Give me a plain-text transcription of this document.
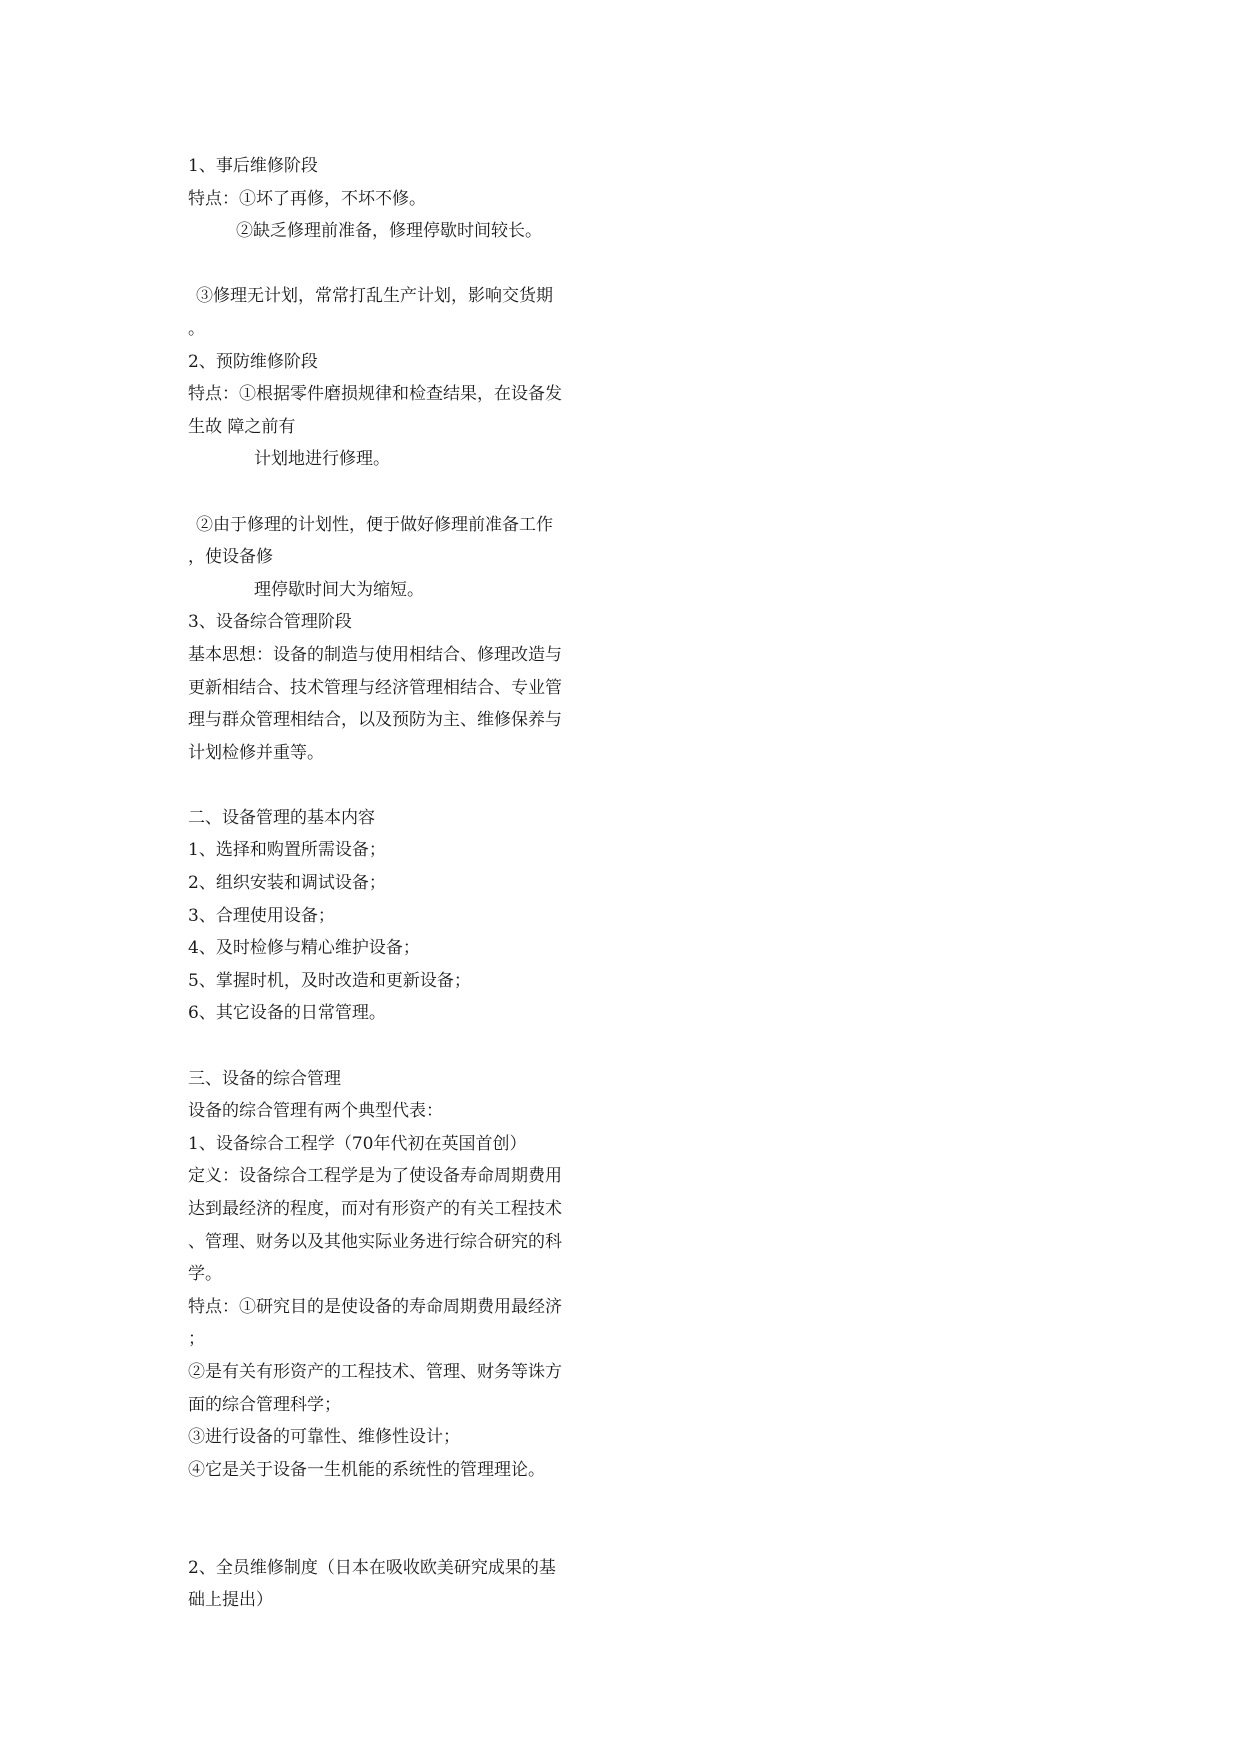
1、事后维修阶段
特点：①坏了再修，不坏不修。
②缺乏修理前准备，修理停歇时间较长。
③修理无计划，常常打乱生产计划，影响交货期
。
2、预防维修阶段
特点：①根据零件磨损规律和检查结果，在设备发
生故 障之前有
计划地进行修理。
②由于修理的计划性，便于做好修理前准备工作
，使设备修
理停歇时间大为缩短。
3、设备综合管理阶段
基本思想：设备的制造与使用相结合、修理改造与
更新相结合、技术管理与经济管理相结合、专业管
理与群众管理相结合，以及预防为主、维修保养与
计划检修并重等。
二、设备管理的基本内容
1、选择和购置所需设备；
2、组织安装和调试设备；
3、合理使用设备；
4、及时检修与精心维护设备；
5、掌握时机，及时改造和更新设备；
6、其它设备的日常管理。
三、设备的综合管理
设备的综合管理有两个典型代表：
1、设备综合工程学（70年代初在英国首创）
定义：设备综合工程学是为了使设备寿命周期费用
达到最经济的程度，而对有形资产的有关工程技术
、管理、财务以及其他实际业务进行综合研究的科
学。
特点：①研究目的是使设备的寿命周期费用最经济
；
②是有关有形资产的工程技术、管理、财务等诛方
面的综合管理科学；
③进行设备的可靠性、维修性设计；
④它是关于设备一生机能的系统性的管理理论。
2、全员维修制度（日本在吸收欧美研究成果的基
础上提出）
